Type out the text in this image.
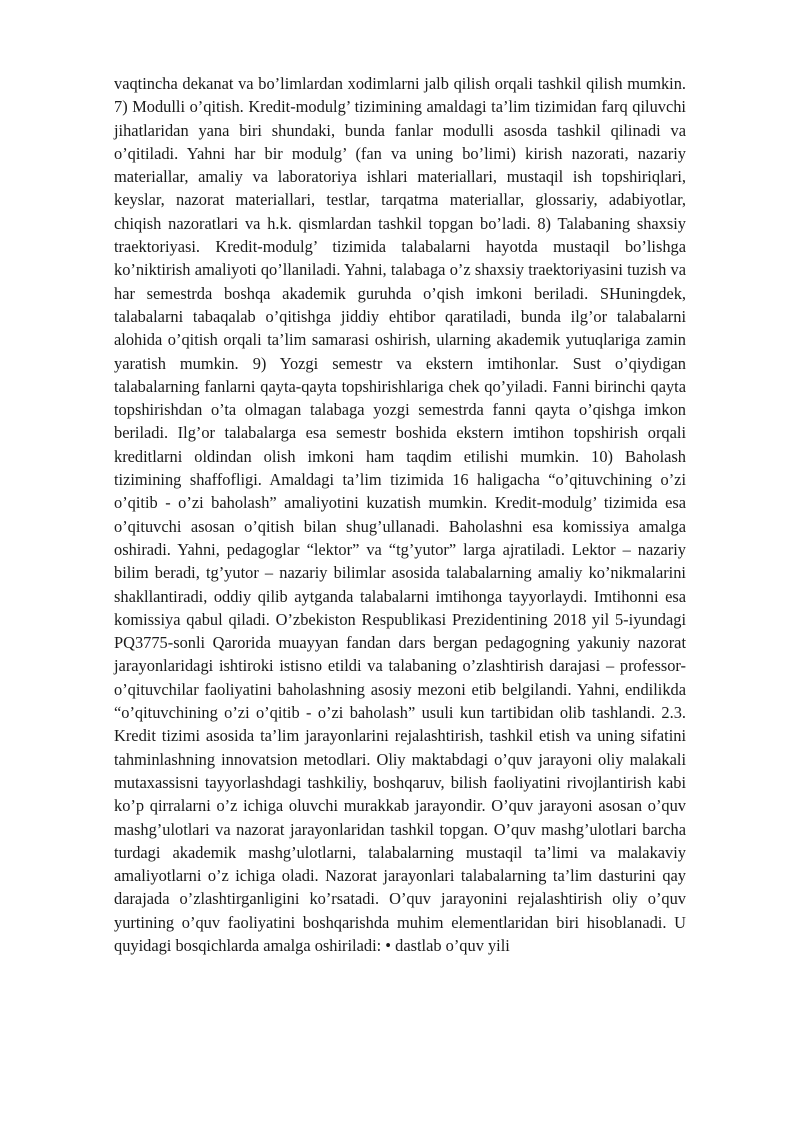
vaqtincha dekanat va bo’limlardan xodimlarni jalb qilish orqali tashkil qilish mumkin. 7) Modulli o’qitish. Kredit-modulg’ tizimining amaldagi ta’lim tizimidan farq qiluvchi jihatlaridan yana biri shundaki, bunda fanlar modulli asosda tashkil qilinadi va o’qitiladi. Yahni har bir modulg’ (fan va uning bo’limi) kirish nazorati, nazariy materiallar, amaliy va laboratoriya ishlari materiallari, mustaqil ish topshiriqlari, keyslar, nazorat materiallari, testlar, tarqatma materiallar, glossariy, adabiyotlar, chiqish nazoratlari va h.k. qismlardan tashkil topgan bo’ladi. 8) Talabaning shaxsiy traektoriyasi. Kredit-modulg’ tizimida talabalarni hayotda mustaqil bo’lishga ko’niktirish amaliyoti qo’llaniladi. Yahni, talabaga o’z shaxsiy traektoriyasini tuzish va har semestrda boshqa akademik guruhda o’qish imkoni beriladi. SHuningdek, talabalarni tabaqalab o’qitishga jiddiy ehtibor qaratiladi, bunda ilg’or talabalarni alohida o’qitish orqali ta’lim samarasi oshirish, ularning akademik yutuqlariga zamin yaratish mumkin. 9) Yozgi semestr va ekstern imtihonlar. Sust o’qiydigan talabalarning fanlarni qayta-qayta topshirishlariga chek qo’yiladi. Fanni birinchi qayta topshirishdan o’ta olmagan talabaga yozgi semestrda fanni qayta o’qishga imkon beriladi. Ilg’or talabalarga esa semestr boshida ekstern imtihon topshirish orqali kreditlarni oldindan olish imkoni ham taqdim etilishi mumkin. 10) Baholash tizimining shaffofligi. Amaldagi ta’lim tizimida 16 haligacha “o’qituvchining o’zi o’qitib - o’zi baholash” amaliyotini kuzatish mumkin. Kredit-modulg’ tizimida esa o’qituvchi asosan o’qitish bilan shug’ullanadi. Baholashni esa komissiya amalga oshiradi. Yahni, pedagoglar “lektor” va “tg’yutor” larga ajratiladi. Lektor – nazariy bilim beradi, tg’yutor – nazariy bilimlar asosida talabalarning amaliy ko’nikmalarini shakllantiradi, oddiy qilib aytganda talabalarni imtihonga tayyorlaydi. Imtihonni esa komissiya qabul qiladi. O’zbekiston Respublikasi Prezidentining 2018 yil 5-iyundagi PQ3775-sonli Qarorida muayyan fandan dars bergan pedagogning yakuniy nazorat jarayonlaridagi ishtiroki istisno etildi va talabaning o’zlashtirish darajasi – professor-o’qituvchilar faoliyatini baholashning asosiy mezoni etib belgilandi. Yahni, endilikda “o’qituvchining o’zi o’qitib - o’zi baholash” usuli kun tartibidan olib tashlandi. 2.3. Kredit tizimi asosida ta’lim jarayonlarini rejalashtirish, tashkil etish va uning sifatini tahminlashning innovatsion metodlari. Oliy maktabdagi o’quv jarayoni oliy malakali mutaxassisni tayyorlashdagi tashkiliy, boshqaruv, bilish faoliyatini rivojlantirish kabi ko’p qirralarni o’z ichiga oluvchi murakkab jarayondir. O’quv jarayoni asosan o’quv mashg’ulotlari va nazorat jarayonlaridan tashkil topgan. O’quv mashg’ulotlari barcha turdagi akademik mashg’ulotlarni, talabalarning mustaqil ta’limi va malakaviy amaliyotlarni o’z ichiga oladi. Nazorat jarayonlari talabalarning ta’lim dasturini qay darajada o’zlashtirganligini ko’rsatadi. O’quv jarayonini rejalashtirish oliy o’quv yurtining o’quv faoliyatini boshqarishda muhim elementlaridan biri hisoblanadi. U quyidagi bosqichlarda amalga oshiriladi: • dastlab o’quv yili
